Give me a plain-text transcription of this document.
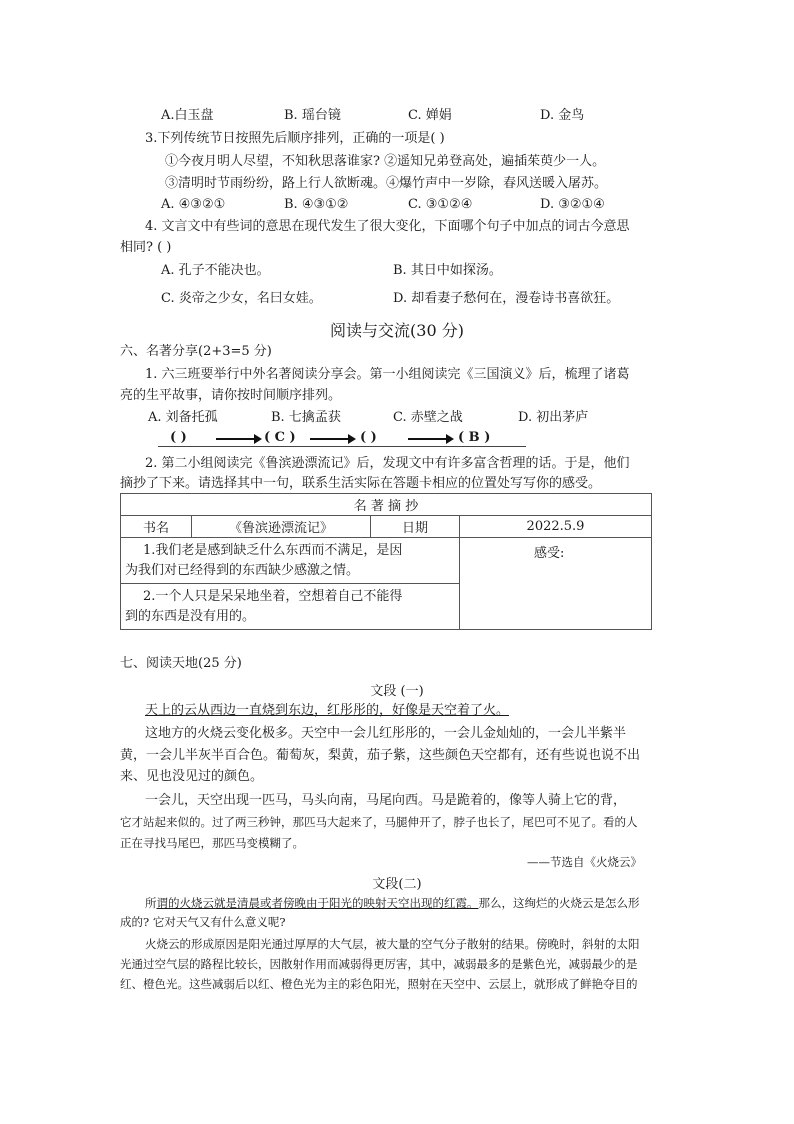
A.白玉盘	B. 瑶台镜	C. 婵娟	D. 金鸟
3.下列传统节日按照先后顺序排列，正确的一项是( )
①今夜月明人尽望，不知秋思落谁家? ②遥知兄弟登高处，遍插茱萸少一人。
③清明时节雨纷纷，路上行人欲断魂。④爆竹声中一岁除，春风送暖入屠苏。
A. ④③②①	B. ④③①②	C. ③①②④	D. ③②①④
4. 文言文中有些词的意思在现代发生了很大变化，下面哪个句子中加点的词古今意思
相同? ( )
A. 孔子不能决也。	B. 其日中如探汤。
C. 炎帝之少女，名曰女娃。	D. 却看妻子愁何在，漫卷诗书喜欲狂。
阅读与交流(30 分)
六、名著分享(2+3=5 分)
1. 六三班要举行中外名著阅读分享会。第一小组阅读完《三国演义》后，梳理了诸葛
亮的生平故事，请你按时间顺序排列。
A. 刘备托孤	B. 七擒孟获	C. 赤壁之战	D. 初出茅庐
( )	( C )	( )	( B )
2. 第二小组阅读完《鲁滨逊漂流记》后，发现文中有许多富含哲理的话。于是，他们
摘抄了下来。请选择其中一句，联系生活实际在答题卡相应的位置处写写你的感受。
名 著 摘 抄			
书名	《鲁滨逊漂流记》	日期	2022.5.9

1.我们老是感到缺乏什么东西而不满足，是因
为我们对已经得到的东西缺少感激之情。			感受:

2.一个人只是呆呆地坐着，空想着自己不能得
到的东西是没有用的。			
七、阅读天地(25 分)
文段 (一)
天上的云从西边一直烧到东边，红彤彤的，好像是天空着了火。
这地方的火烧云变化极多。天空中一会儿红彤彤的，一会儿金灿灿的，一会儿半紫半
黄，一会儿半灰半百合色。葡萄灰，梨黄，茄子紫，这些颜色天空都有，还有些说也说不出
来、见也没见过的颜色。
一会儿，天空出现一匹马，马头向南，马尾向西。马是跪着的，像等人骑上它的背，
它才站起来似的。过了两三秒钟，那匹马大起来了，马腿伸开了，脖子也长了，尾巴可不见了。看的人
正在寻找马尾巴，那匹马变模糊了。
——节选自《火烧云》
文段(二)
所谓的火烧云就是清晨或者傍晚由于阳光的映射天空出现的红霞。那么，这绚烂的火烧云是怎么形
成的? 它对天气又有什么意义呢?
火烧云的形成原因是阳光通过厚厚的大气层，被大量的空气分子散射的结果。傍晚时，斜射的太阳
光通过空气层的路程比较长，因散射作用而减弱得更厉害，其中，减弱最多的是紫色光，减弱最少的是
红、橙色光。这些减弱后以红、橙色光为主的彩色阳光，照射在天空中、云层上，就形成了鲜艳夺目的
